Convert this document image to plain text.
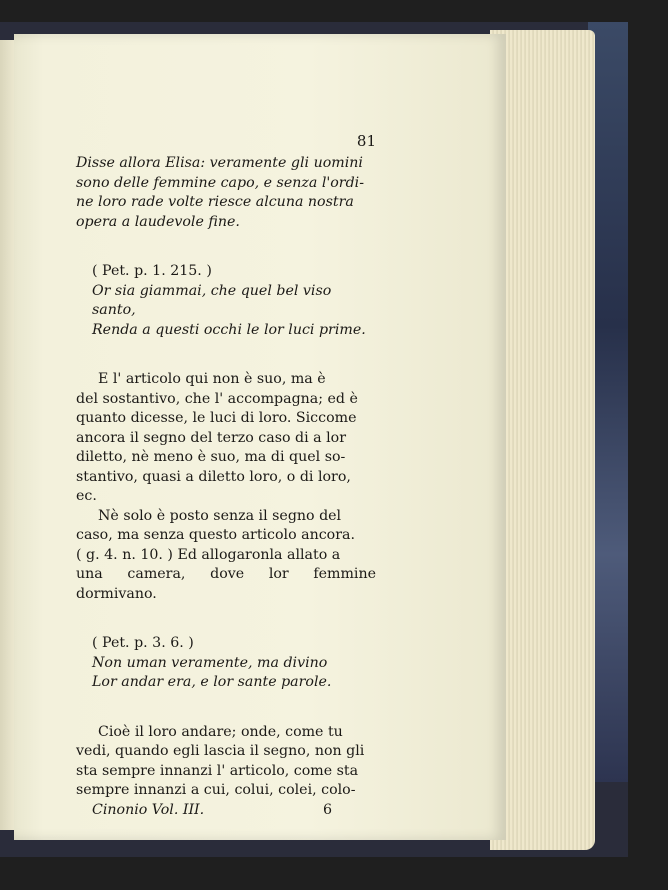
81

Disse allora Elisa: veramente gli uomini
sono delle femmine capo, e senza l'ordi-
ne loro rade volte riesce alcuna nostra
opera a laudevole fine.

( Pet. p. 1. 215. )

Or sia giammai, che quel bel viso santo,
Renda a questi occhi le lor luci prime.

E l' articolo qui non è suo, ma è
del sostantivo, che l' accompagna; ed è
quanto dicesse, le luci di loro. Siccome
ancora il segno del terzo caso di a lor
diletto, nè meno è suo, ma di quel so-
stantivo, quasi a diletto loro, o di loro,
ec.

Nè solo è posto senza il segno del
caso, ma senza questo articolo ancora.
( g. 4. n. 10. ) Ed allogaronla allato a
una camera, dove lor femmine dormivano.

( Pet. p. 3. 6. )

Non uman veramente, ma divino
Lor andar era, e lor sante parole.

Cioè il loro andare; onde, come tu
vedi, quando egli lascia il segno, non gli
sta sempre innanzi l' articolo, come sta
sempre innanzi a cui, colui, colei, colo-

Cinonio Vol. III.	6
